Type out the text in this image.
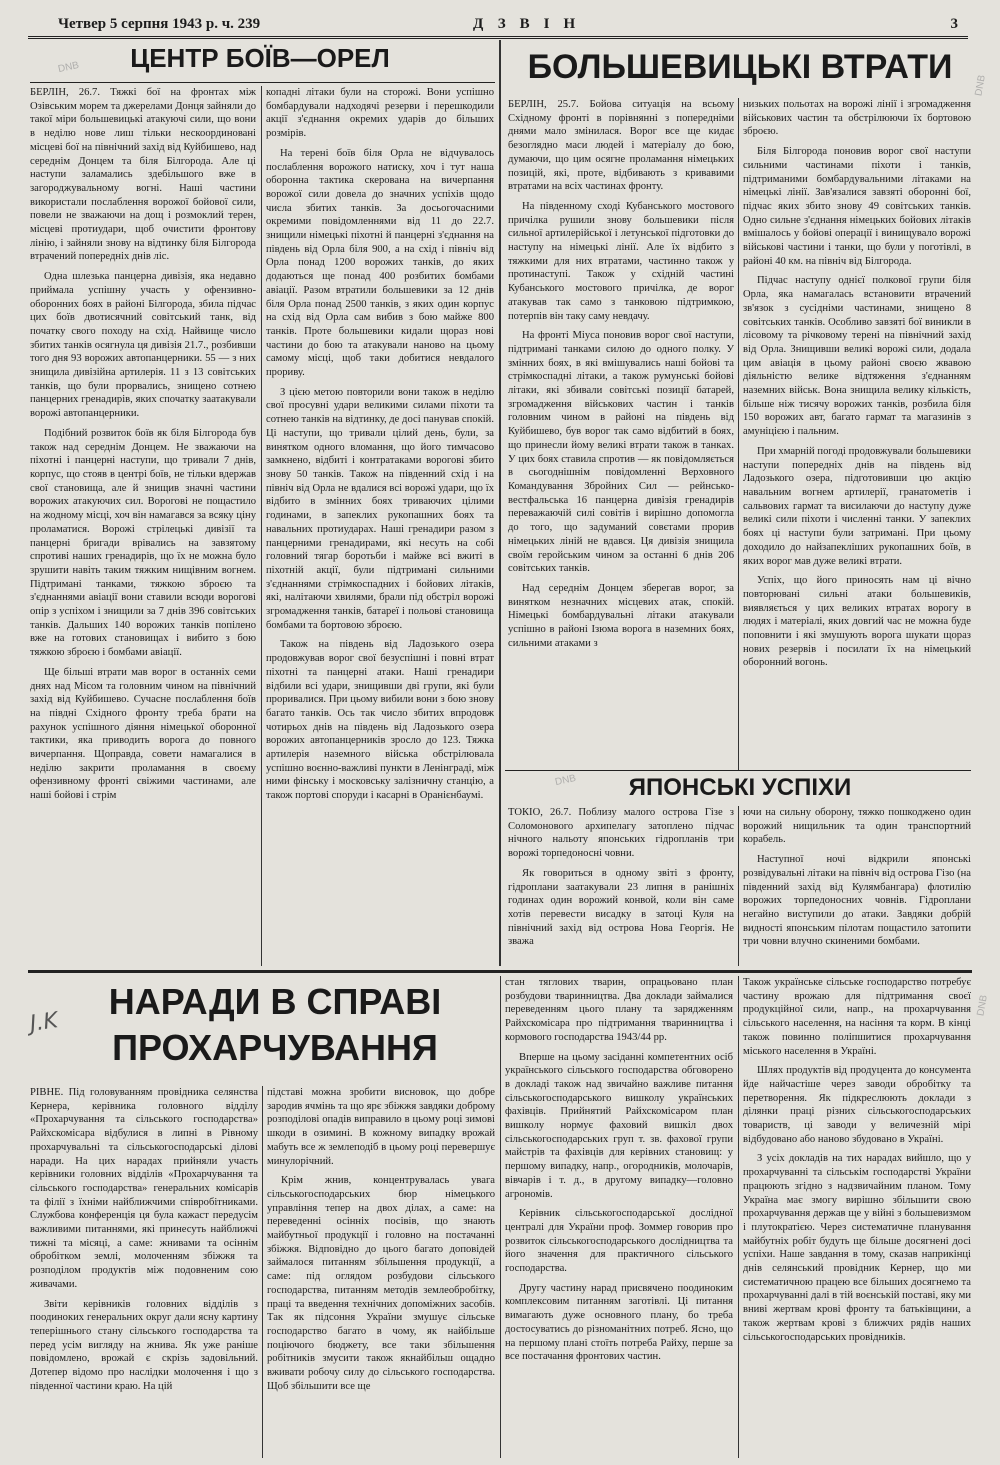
Четвер 5 серпня 1943 р. ч. 239	ДЗВІН	3
DNB
DNB
DNB
DNB
ЦЕНТР БОЇВ—ОРЕЛ

БЕРЛІН, 26.7. Тяжкі бої на фронтах між Озівським морем та джерелами Донця зайняли до такої міри большевицькі атакуючі сили, що вони в неділю нове лиш тільки нескоординовані місцеві бої на північний захід від Куйбишево, над середнім Донцем та біля Білгорода. Але ці наступи заламались здебільшого вже в загороджувальному вогні. Наші частини використали послаблення ворожої бойової сили, повели не зважаючи на дощ і розмоклий терен, місцеві протиудари, щоб очистити фронтову лінію, і зайняли знову на відтинку біля Білгорода втрачений попередніх днів ліс.

Одна шлезька панцерна дивізія, яка недавно приймала успішну участь у офензивно-оборонних боях в районі Білгорода, збила підчас цих боїв двотисячний совітський танк, від початку свого походу на схід. Найвище число збитих танків осягнула ця дивізія 21.7., розбивши того дня 93 ворожих автопанцерники. 55 — з них знищила дивізійна артилерія. 11 з 13 совітських танків, що були прорвались, знищено сотнею панцерних гренадирів, яких спочатку заатакували ворожі автопанцерники.

Подібний розвиток боїв як біля Білгорода був також над середнім Донцем. Не зважаючи на піхотні і панцерні наступи, що тривали 7 днів, корпус, що стояв в центрі боїв, не тільки вдержав свої становища, але й знищив значні частини ворожих атакуючих сил. Ворогові не пощастило на жодному місці, хоч він намагався за всяку ціну проламатися. Ворожі стрілецькі дивізії та панцерні бригади врівались на завзятому спротиві наших гренадирів, що їх не можна було зрушити навіть таким тяжким нищівним вогнем. Підтримані танками, тяжкою зброєю та з'єднаннями авіації вони ставили всюди ворогові опір з успіхом і знищили за 7 днів 396 совітських танків. Дальших 140 ворожих танків попілено вже на готових становищах і вибито з бою тяжкою зброєю і бомбами авіації.

Ще більші втрати мав ворог в останніх семи днях над Місом та головним чином на північний захід від Куйбишево. Сучасне послаблення боїв на півдні Східного фронту треба брати на рахунок успішного діяння німецької оборонної тактики, яка приводить ворога до повного вичерпання. Щоправда, совети намагалися в неділю закрити проламання в своєму офензивному фронті свіжими частинами, але наші бойові і стрім

копадні літаки були на сторожі. Вони успішно бомбардували надходячі резерви і перешкодили акції з'єднання окремих ударів до більших розмірів.

На терені боїв біля Орла не відчувалось послаблення ворожого натиску, хоч і тут наша оборонна тактика скерована на вичерпання ворожої сили довела до значних успіхів щодо числа збитих танків. За досьогочасними окремими повідомленнями від 11 до 22.7. знищили німецькі піхотні й панцерні з'єднання на південь від Орла біля 900, а на схід і північ від Орла понад 1200 ворожих танків, до яких додаються ще понад 400 розбитих бомбами авіації. Разом втратили большевики за 12 днів біля Орла понад 2500 танків, з яких один корпус на схід від Орла сам вибив з бою майже 800 танків. Проте большевики кидали щораз нові частини до бою та атакували наново на цьому самому місці, щоб таки добитися невдалого прориву.

З цією метою повторили вони також в неділю свої просувні удари великими силами піхоти та сотнею танків на відтинку, де досі панував спокій. Ці наступи, що тривали цілий день, були, за винятком одного вломання, що його тимчасово замкнено, відбиті і контратаками ворогові збито знову 50 танків. Також на південний схід і на північ від Орла не вдалися всі ворожі удари, що їх відбито в змінних боях триваючих цілими годинами, в запеклих рукопашних боях та навальних протиударах. Наші гренадири разом з панцерними гренадирами, які несуть на собі головний тягар боротьби і майже всі вжиті в піхотній акції, були підтримані сильними з'єднаннями стрімкоспадних і бойових літаків, які, налітаючи хвилями, брали під обстріл ворожі згромадження танків, батареї і польові становища бомбами та бортовою зброєю.

Також на південь від Ладозького озера продовжував ворог свої безуспішні і повні втрат піхотні та панцерні атаки. Наші гренадири відбили всі удари, знищивши дві групи, які були проривалися. При цьому вибили вони з бою знову багато танків. Ось так число збитих впродовж чотирьох днів на південь від Ладозького озера ворожих автопанцерників зросло до 123. Тяжка артилерія наземного війська обстрілювала успішно воєнно-важливі пункти в Ленінграді, між ними фінську і московську залізничну станцію, а також портові споруди і касарні в Оранієнбаумі.

БОЛЬШЕВИЦЬКІ ВТРАТИ

БЕРЛІН, 25.7. Бойова ситуація на всьому Східному фронті в порівнянні з попередніми днями мало змінилася. Ворог все ще кидає безоглядно маси людей і матеріалу до бою, думаючи, що цим осягне проламання німецьких позицій, які, проте, відбивають з кривавими втратами на всіх частинах фронту.

На південному сході Кубанського мостового причілка рушили знову большевики після сильної артилерійської і летунської підготовки до наступу на німецькі лінії. Але їх відбито з тяжкими для них втратами, частинно також у протинаступі. Також у східній частині Кубанського мостового причілка, де ворог атакував так само з танковою підтримкою, потерпів він таку саму невдачу.

На фронті Міуса поновив ворог свої наступи, підтримані танками силою до одного полку. У змінних боях, в які вмішувались наші бойові та стрімкоспадні літаки, а також румунські бойові літаки, які збивали совітські позиції батарей, згромадження військових частин і танків головним чином в районі на південь від Куйбишево, був ворог так само відбитий в боях, що принесли йому великі втрати також в танках. У цих боях ставила спротив — як повідомляється в сьогоднішнім повідомленні Верховного Командування Збройних Сил — рейнсько-вестфальська 16 панцерна дивізія гренадирів переважаючій силі совітів і вирішно допомогла до того, що задуманий совєтами прорив німецьких ліній не вдався. Ця дивізія знищила своїм геройським чином за останні 6 днів 206 совітських танків.

Над середнім Донцем зберегав ворог, за винятком незначних місцевих атак, спокій. Німецькі бомбардувальні літаки атакували успішно в районі Ізюма ворога в наземних боях, сильними атаками з

низьких польотах на ворожі лінії і згромадження військових частин та обстрілюючи їх бортовою зброєю.

Біля Білгорода поновив ворог свої наступи сильними частинами піхоти і танків, підтриманими бомбардувальними літаками на німецькі лінії. Зав'язалися завзяті оборонні бої, підчас яких збито знову 49 совітських танків. Одно сильне з'єднання німецьких бойових літаків вмішалось у бойові операції і винищувало ворожі військові частини і танки, що були у поготівлі, в районі 40 км. на північ від Білгорода.

Підчас наступу однієї полкової групи біля Орла, яка намагалась встановити втрачений зв'язок з сусідніми частинами, знищено 8 совітських танків. Особливо завзяті бої виникли в лісовому та річковому терені на північний захід від Орла. Знищивши великі ворожі сили, додала цим авіація в цьому районі своєю жвавою діяльністю велике відтяження з'єднанням наземних військ. Вона знищила велику кількість, більше ніж тисячу ворожих танків, розбила біля 150 ворожих авт, багато гармат та магазинів з амуніцією і пальним.

При хмарній погоді продовжували большевики наступи попередніх днів на південь від Ладозького озера, підготовивши цю акцію навальним вогнем артилерії, гранатометів і сальвових гармат та висилаючи до наступу дуже великі сили піхоти і численні танки. У запеклих боях ці наступи були затримані. При цьому доходило до найзапекліших рукопашних боїв, в яких ворог мав дуже великі втрати.

Успіх, що його приносять нам ці вічно повторювані сильні атаки большевиків, виявляється у цих великих втратах ворогу в людях і матеріалі, яких довгий час не можна буде поповнити і які змушують ворога шукати щораз нових резервів і посилати їх на німецький оборонний вогонь.

ЯПОНСЬКІ УСПІХИ

ТОКІО, 26.7. Поблизу малого острова Гізе з Соломонового архипелагу затоплено підчас нічного нальоту японських гідропланів три ворожі торпедоносні човни.

Як говориться в одному звіті з фронту, гідроплани заатакували 23 липня в ранішніх годинах один ворожий конвой, коли він саме хотів перевести висадку в затоці Куля на північний захід від острова Нова Георгія. Не зважа

ючи на сильну оборону, тяжко пошкоджено один ворожий нищильник та один транспортний корабель.

Наступної ночі відкрили японські розвідувальні літаки на північ від острова Гізо (на південний захід від Кулямбангара) флотилію ворожих торпедоносних човнів. Гідроплани негайно виступили до атаки. Завдяки добрій видності японським пілотам пощастило затопити три човни влучно скиненими бомбами.

J.K
НАРАДИ В СПРАВІ
ПРОХАРЧУВАННЯ

РІВНЕ. Під головуванням провідника селянства Кернера, керівника головного відділу «Прохарчування та сільського господарства» Райхскомісара відбулися в липні в Рівному прохарчувальні та сільськогосподарські ділові наради. На цих нарадах прийняли участь керівники головних відділів «Прохарчування та сільського господарства» генеральних комісарів та філії з їхніми найближчими співробітниками. Службова конференція ця була кажаст передусім важливими питаннями, які принесуть найближчі тижні та місяці, а саме: жнивами та осіннім обробітком землі, молоченням збіжжя та розподілом продуктів між подовненим сою живачами.

Звіти керівників головних відділів з поодиноких генеральних округ дали ясну картину теперішнього стану сільського господарства та перед усім вигляду на жнива. Як уже раніше повідомлено, врожай є скрізь задовільний. Дотепер відомо про наслідки молочення і що з південної частини краю. На цій

підставі можна зробити висновок, що добре зародив ячмінь та що ярє збіжжя завдяки доброму розподілові опадів виправило в цьому році зимові шкоди в озимині. В кожному випадку врожай мабуть все ж землеподіб в цьому році перевершує минулорічний.

Крім жнив, концентрувалась увага сільськогосподарських бюр німецького управління тепер на двох ділах, а саме: на переведенні осінніх посівів, що знають майбутньої продукції і головно на постачанні збіжжя. Відповідно до цього багато доповідей займалося питанням збільшення продукції, а саме: під оглядом розбудови сільського господарства, питанням методів землеобробітку, праці та введення технічних допоміжних засобів. Так як підсоння України змушує сільське господарство багато в чому, як найбільше поціючого бюджету, все таки збільшення робітників змусити також якнайбільш ощадно вживати робочу силу до сільського господарства. Щоб збільшити все ще

стан тяглових тварин, опрацьовано план розбудови тваринництва. Два доклади займалися переведенням цього плану та зарядженням Райхскомісара про підтримання тваринництва і кормового господарства 1943/44 рр.

Вперше на цьому засіданні компетентних осіб українського сільського господарства обговорено в докладі також над звичайно важливе питання сільськогосподарського вишколу українських фахівців. Прийнятий Райхскомісаром план вишколу нормує фаховий вишкіл двох сільськогосподарських груп т. зв. фахової групи майстрів та фахівців для керівних становищ: у першому випадку, напр., огородників, молочарів, вівчарів і т. д., в другому випадку—головно агрономів.

Керівник сільськогосподарської дослідної централі для України проф. Зоммер говорив про розвиток сільськогосподарського дослідництва та його значення для практичного сільського господарства.

Другу частину нарад присвячено поодиноким комплексовим питанням заготівлі. Ці питання вимагають дуже основного плану, бо треба достосуватись до різноманітних потреб. Ясно, що на першому плані стоїть потреба Райху, перше за все постачання фронтових частин.

Також українське сільське господарство потребує частину врожаю для підтримання своєї продукційної сили, напр., на прохарчування сільського населення, на насіння та корм. В кінці також повинно поліпшитися прохарчування міського населення в Україні.

Шлях продуктів від продуцента до консумента йде найчастіше через заводи обробітку та перетворення. Як підкреслюють доклади з ділянки праці різних сільськогосподарських товариств, ці заводи у величезній мірі відбудовано або наново збудовано в Україні.

З усіх докладів на тих нарадах вийшло, що у прохарчуванні та сільськім господарстві України працюють згідно з надзвичайним планом. Тому Україна має змогу вирішно збільшити свою прохарчування держав ще у війні з большевизмом і плутократією. Через систематичне планування майбутніх робіт будуть ще більше досягнені досі успіхи. Наше завдання в тому, сказав наприкінці днів селянський провідник Кернер, що ми систематичною працею все більших досягнемо та прохарчуванні далі в тій воєнській поставі, яку ми вниві жертвам крові фронту та батьківщини, а також жертвам крові з ближчих рядів наших сільськогосподарських провідників.
